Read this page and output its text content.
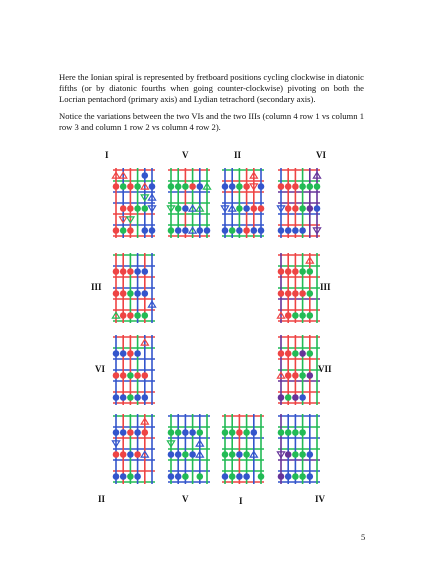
Here the Ionian spiral is represented by fretboard positions cycling clockwise in diatonic fifths (or by diatonic fourths when going counter-clockwise) pivoting on both the Locrian pentachord (primary axis) and Lydian tetrachord (secondary axis).

Notice the variations between the two VIs and the two IIIs (column 4 row 1 vs column 1 row 3 and column 1 row 2 vs column 4 row 2).

I	V	II	VI
III
VI
III
VII
II	V	I	IV
5
